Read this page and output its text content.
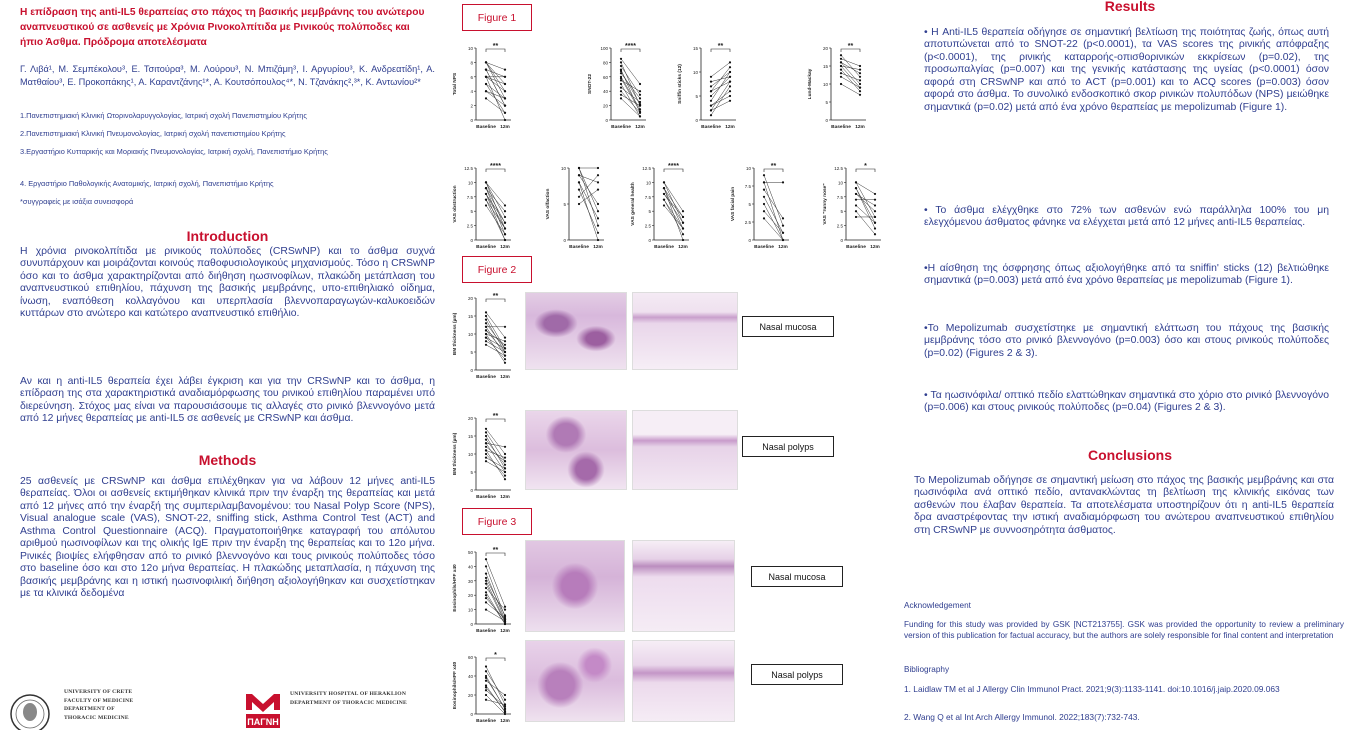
Η επίδραση της anti-IL5 θεραπείας στο πάχος τη βασικής μεμβράνης του ανώτερου αναπνευστικού σε ασθενείς με Χρόνια Ρινοκολπίτιδα με Ρινικούς πολύποδες και ήπιο Άσθμα. Πρόδρομα αποτελέσματα
Γ. Λιβά¹, Μ. Σεμπέκολου³, Ε. Τσιτούρα³, Μ. Λούρου³, Ν. Μπιζάμη³, Ι. Αργυρίου³, Κ. Ανδρεατίδη¹, Α. Ματθαίου³, Ε. Προκοπάκης¹, Α. Καραντζάνης¹*, Α. Κουτσόπουλος⁴*, Ν. Τζανάκης²,³*, Κ. Αντωνίου²*
1.Πανεπιστημιακή Κλινική Ωτορινολαρυγγολογίας, Ιατρική σχολή Πανεπιστημίου Κρήτης
2.Πανεπιστημιακή Κλινική Πνευμονολογίας, Ιατρική σχολή πανεπιστημίου Κρήτης
3.Εργαστήριο Κυτταρικής και Μοριακής Πνευμονολογίας, Ιατρική σχολή, Πανεπιστήμιο Κρήτης
4. Εργαστήριο Παθολογικής Ανατομικής, Ιατρική σχολή, Πανεπιστήμιο Κρήτης
*συγγραφείς με ισάξια συνεισφορά
Introduction
Η χρόνια ρινοκολπίτιδα με ρινικούς πολύποδες (CRSwNP) και το άσθμα συχνά συνυπάρχουν και μοιράζονται κοινούς παθοφυσιολογικούς μηχανισμούς. Τόσο η CRSwNP όσο και το άσθμα χαρακτηρίζονται από διήθηση ηωσινοφίλων, πλακώδη μετάπλαση του αναπνευστικού επιθηλίου, πάχυνση της βασικής μεμβράνης, υπο-επιθηλιακό οίδημα, ίνωση, εναπόθεση κολλαγόνου και υπερπλασία βλεννοπαραγωγών-καλυκοειδών κυττάρων στο ανώτερο και κατώτερο αναπνευστικό επιθήλιο.
Αν και η anti-IL5 θεραπεία έχει λάβει έγκριση και για την CRSwNP και το άσθμα, η επίδραση της στα χαρακτηριστικά αναδιαμόρφωσης του ρινικού επιθηλίου παραμένει υπό διερεύνηση. Στόχος μας είναι να παρουσιάσουμε τις αλλαγές στο ρινικό βλεννογόνο μετά από 12 μήνες θεραπείας με anti-IL5 σε ασθενείς με CRSwNP και άσθμα.
Methods
25 ασθενείς με CRSwNP και άσθμα επιλέχθηκαν για να λάβουν 12 μήνες anti-IL5 θεραπείας. Όλοι οι ασθενείς εκτιμήθηκαν κλινικά πριν την έναρξη της θεραπείας και μετά από 12 μήνες από την έναρξή της συμπεριλαμβανομένου: του Nasal Polyp Score (NPS), Visual analogue scale (VAS), SNOT-22, sniffing stick, Asthma Control Test (ACT) and Asthma Control Questionnaire (ACQ). Πραγματοποιήθηκε καταγραφή του απόλυτου αριθμού ηωσινοφίλων και της ολικής IgE πριν την έναρξη της θεραπείας και το 12ο μήνα. Ρινικές βιοψίες ελήφθησαν από το ρινικό βλεννογόνο και τους ρινικούς πολύποδες τόσο στο baseline όσο και στο 12ο μήνα θεραπείας. Η πλακώδης μεταπλασία, η πάχυνση της βασικής μεμβράνης και η ιστική ηωσινοφιλική διήθηση αξιολογήθηκαν και συσχετίστηκαν με τα κλινικά δεδομένα
UNIVERSITY OF CRETE
FACULTY OF MEDICINE
DEPARTMENT OF
THORACIC MEDICINE	ΠΑΓΝΗ
UNIVERSITY HOSPITAL OF HERAKLION
DEPARTMENT OF THORACIC MEDICINE
Figure 1
Figure 2
Figure 3
0
2
4
6
8
10
Total NPS
Baseline 12m
**
0
20
40
60
80
100
SNOT-22
Baseline 12m
****
0
5
10
15
Sniffin sticks (12)
Baseline 12m
**
0
5
10
15
20
Lund-Mackay
Baseline 12m
**
0
2.5
5
7.5
10
12.5
VAS obstruction
Baseline 12m
****
0
5
10
VAS olfaction
Baseline 12m
0
2.5
5
7.5
10
12.5
VAS general health
Baseline 12m
****
0
2.5
5
7.5
10
VAS facial pain
Baseline 12m
**
0
2.5
5
7.5
10
12.5
VAS "runny nose"
Baseline 12m
*
0
5
10
15
20
BM thickness (µm)
Baseline 12m
**
0
5
10
15
20
BM thickness (µm)
Baseline 12m
**
0
10
20
30
40
50
Eosinophils/HPF x40
Baseline 12m
**
0
20
40
60
Eosinophils/HPF x40
Baseline 12m
*
Nasal mucosa
Nasal polyps
Nasal mucosa
Nasal polyps
Results
• Η Anti-IL5 θεραπεία οδήγησε σε σημαντική βελτίωση της ποιότητας ζωής, όπως αυτή αποτυπώνεται από το SNOT-22 (p<0.0001), τα VAS scores της ρινικής απόφραξης (p<0.0001), της ρινικής καταρροής-οπισθορινικών εκκρίσεων (p=0.02), της προσωπαλγίας (p=0.007) και της γενικής κατάστασης της υγείας (p<0.0001) όσον αφορά στη CRSwNP και από το ACT (p=0.001) και το ACQ scores (p=0.003) όσον αφορά στο άσθμα. Το συνολικό ενδοσκοπικό σκορ ρινικών πολυπόδων (NPS) μειώθηκε σημαντικά (p=0.02) μετά από ένα χρόνο θεραπείας με mepolizumab (Figure 1).
• Το άσθμα ελέγχθηκε στο 72% των ασθενών ενώ παράλληλα 100% του μη ελεγχόμενου άσθματος φάνηκε να ελέγχεται μετά από 12 μήνες anti-IL5 θεραπείας.
•Η αίσθηση της όσφρησης όπως αξιολογήθηκε από τα sniffin' sticks (12) βελτιώθηκε σημαντικά (p=0.003) μετά από ένα χρόνο θεραπείας με mepolizumab (Figure 1).
•Το Mepolizumab συσχετίστηκε με σημαντική ελάττωση του πάχους της βασικής μεμβράνης τόσο στο ρινικό βλεννογόνο (p=0.003) όσο και στους ρινικούς πολύποδες (p=0.02) (Figures 2 & 3).
• Τα ηωσινόφιλα/ οπτικό πεδίο ελαττώθηκαν σημαντικά στο χόριο στο ρινικό βλεννογόνο (p=0.006) και στους ρινικούς πολύποδες (p=0.04) (Figures 2 & 3).
Conclusions
Το Mepolizumab οδήγησε σε σημαντική μείωση στο πάχος της βασικής μεμβράνης και στα ηωσινόφιλα ανά οπτικό πεδίο, αντανακλώντας τη βελτίωση της κλινικής εικόνας των ασθενών που έλαβαν θεραπεία. Τα αποτελέσματα υποστηρίζουν ότι η anti-IL5 θεραπεία δρα αναστρέφοντας την ιστική αναδιαμόρφωση του ανώτερου αναπνευστικού επιθηλίου στη CRSwNP με συννοσηρότητα άσθματος.
Acknowledgement
Funding for this study was provided by GSK [NCT213755]. GSK was provided the opportunity to review a preliminary version of this publication for factual accuracy, but the authors are solely responsible for final content and interpretation
Bibliography
1. Laidlaw TM et al J Allergy Clin Immunol Pract. 2021;9(3):1133-1141. doi:10.1016/j.jaip.2020.09.063
2. Wang Q et al Int Arch Allergy Immunol. 2022;183(7):732-743.
